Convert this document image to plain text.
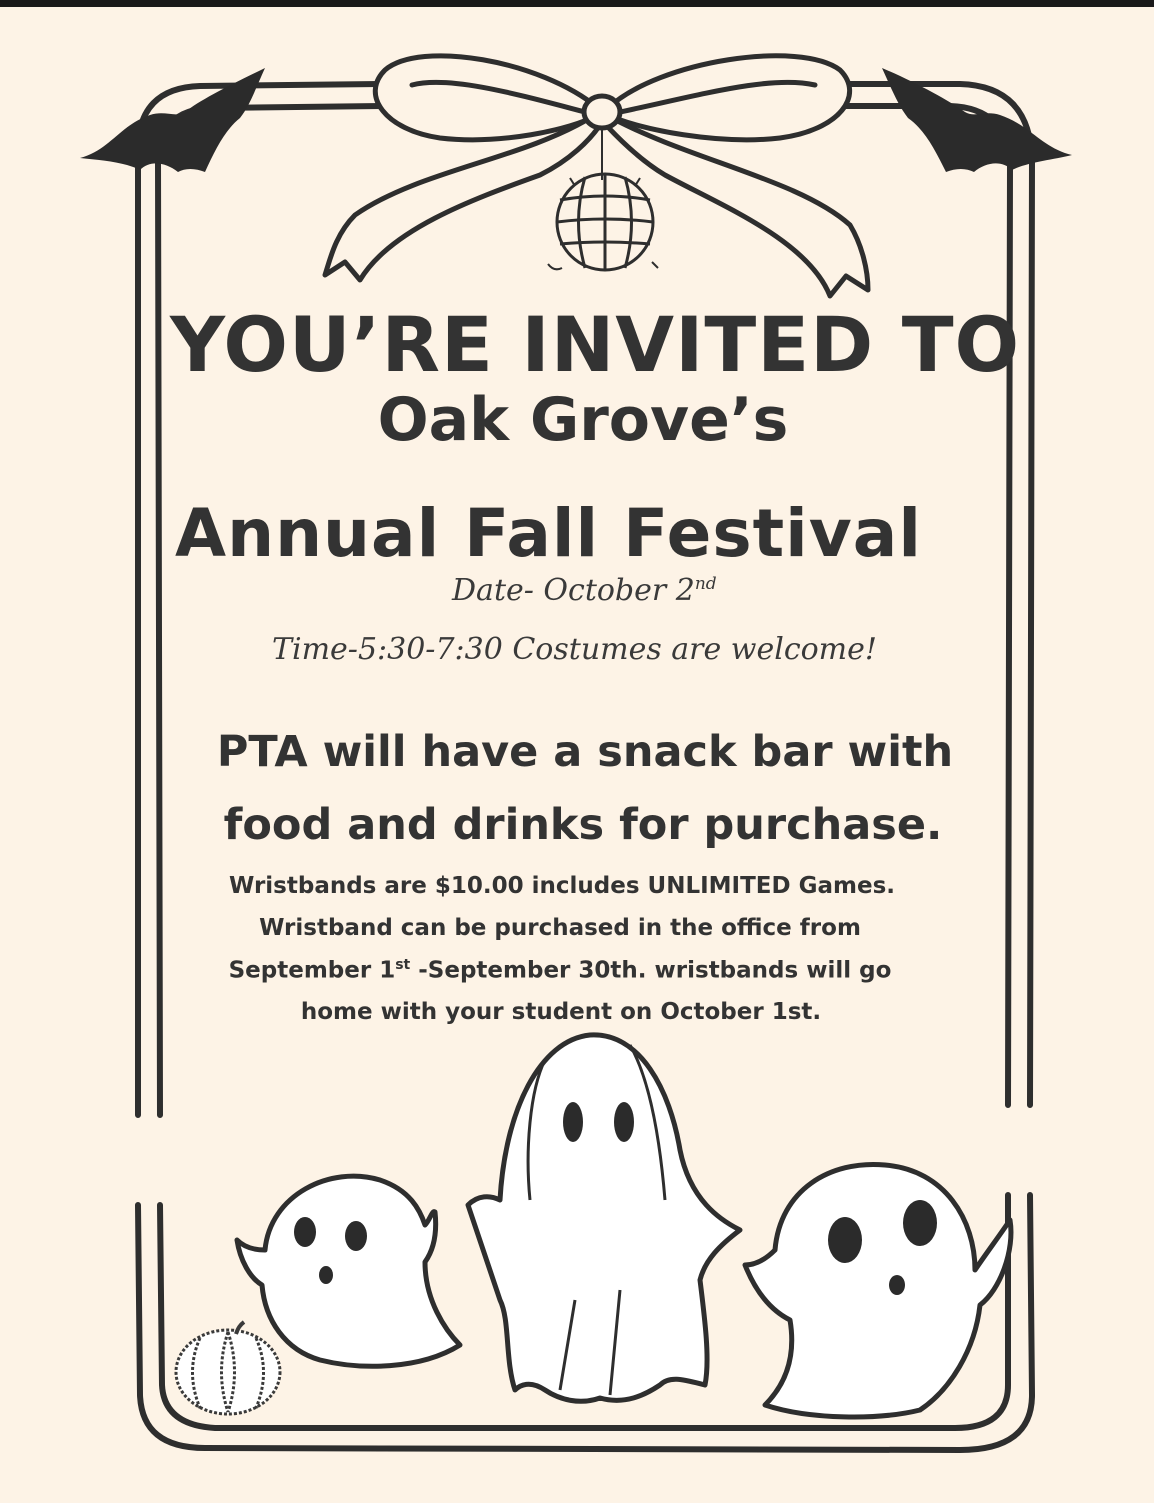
YOU’RE INVITED TO
Oak Grove’s
Annual Fall Festival
Date- October 2nd
Time-5:30-7:30 Costumes are welcome!
PTA will have a snack bar with
food and drinks for purchase.
Wristbands are $10.00 includes UNLIMITED Games.
Wristband can be purchased in the office from
September 1st -September 30th. wristbands will go
home with your student on October 1st.
